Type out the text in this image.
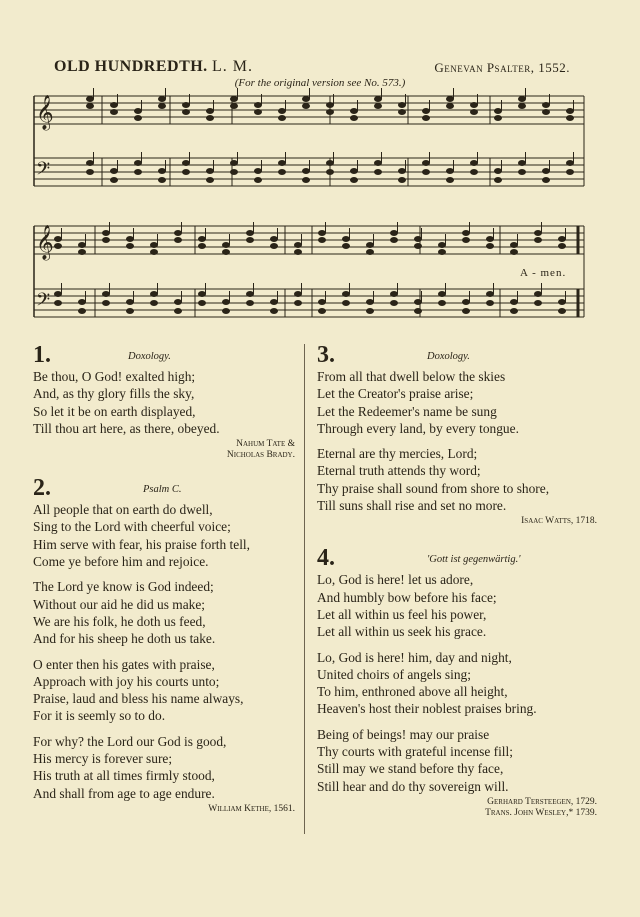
OLD HUNDREDTH. L. M.	Genevan Psalter, 1552.
(For the original version see No. 573.)
𝄞
𝄢
𝄞
𝄢
A - men.
1.	Doxology.
Be thou, O God! exalted high;
And, as thy glory fills the sky,
So let it be on earth displayed,
Till thou art here, as there, obeyed.
Nahum Tate &
Nicholas Brady.
2.	Psalm C.
All people that on earth do dwell,
Sing to the Lord with cheerful voice;
Him serve with fear, his praise forth tell,
Come ye before him and rejoice.
The Lord ye know is God indeed;
Without our aid he did us make;
We are his folk, he doth us feed,
And for his sheep he doth us take.
O enter then his gates with praise,
Approach with joy his courts unto;
Praise, laud and bless his name always,
For it is seemly so to do.
For why? the Lord our God is good,
His mercy is forever sure;
His truth at all times firmly stood,
And shall from age to age endure.
William Kethe, 1561.
3.	Doxology.
From all that dwell below the skies
Let the Creator's praise arise;
Let the Redeemer's name be sung
Through every land, by every tongue.
Eternal are thy mercies, Lord;
Eternal truth attends thy word;
Thy praise shall sound from shore to shore,
Till suns shall rise and set no more.
Isaac Watts, 1718.
4.	'Gott ist gegenwärtig.'
Lo, God is here! let us adore,
And humbly bow before his face;
Let all within us feel his power,
Let all within us seek his grace.
Lo, God is here! him, day and night,
United choirs of angels sing;
To him, enthroned above all height,
Heaven's host their noblest praises bring.
Being of beings! may our praise
Thy courts with grateful incense fill;
Still may we stand before thy face,
Still hear and do thy sovereign will.
Gerhard Tersteegen, 1729.
Trans. John Wesley,* 1739.
